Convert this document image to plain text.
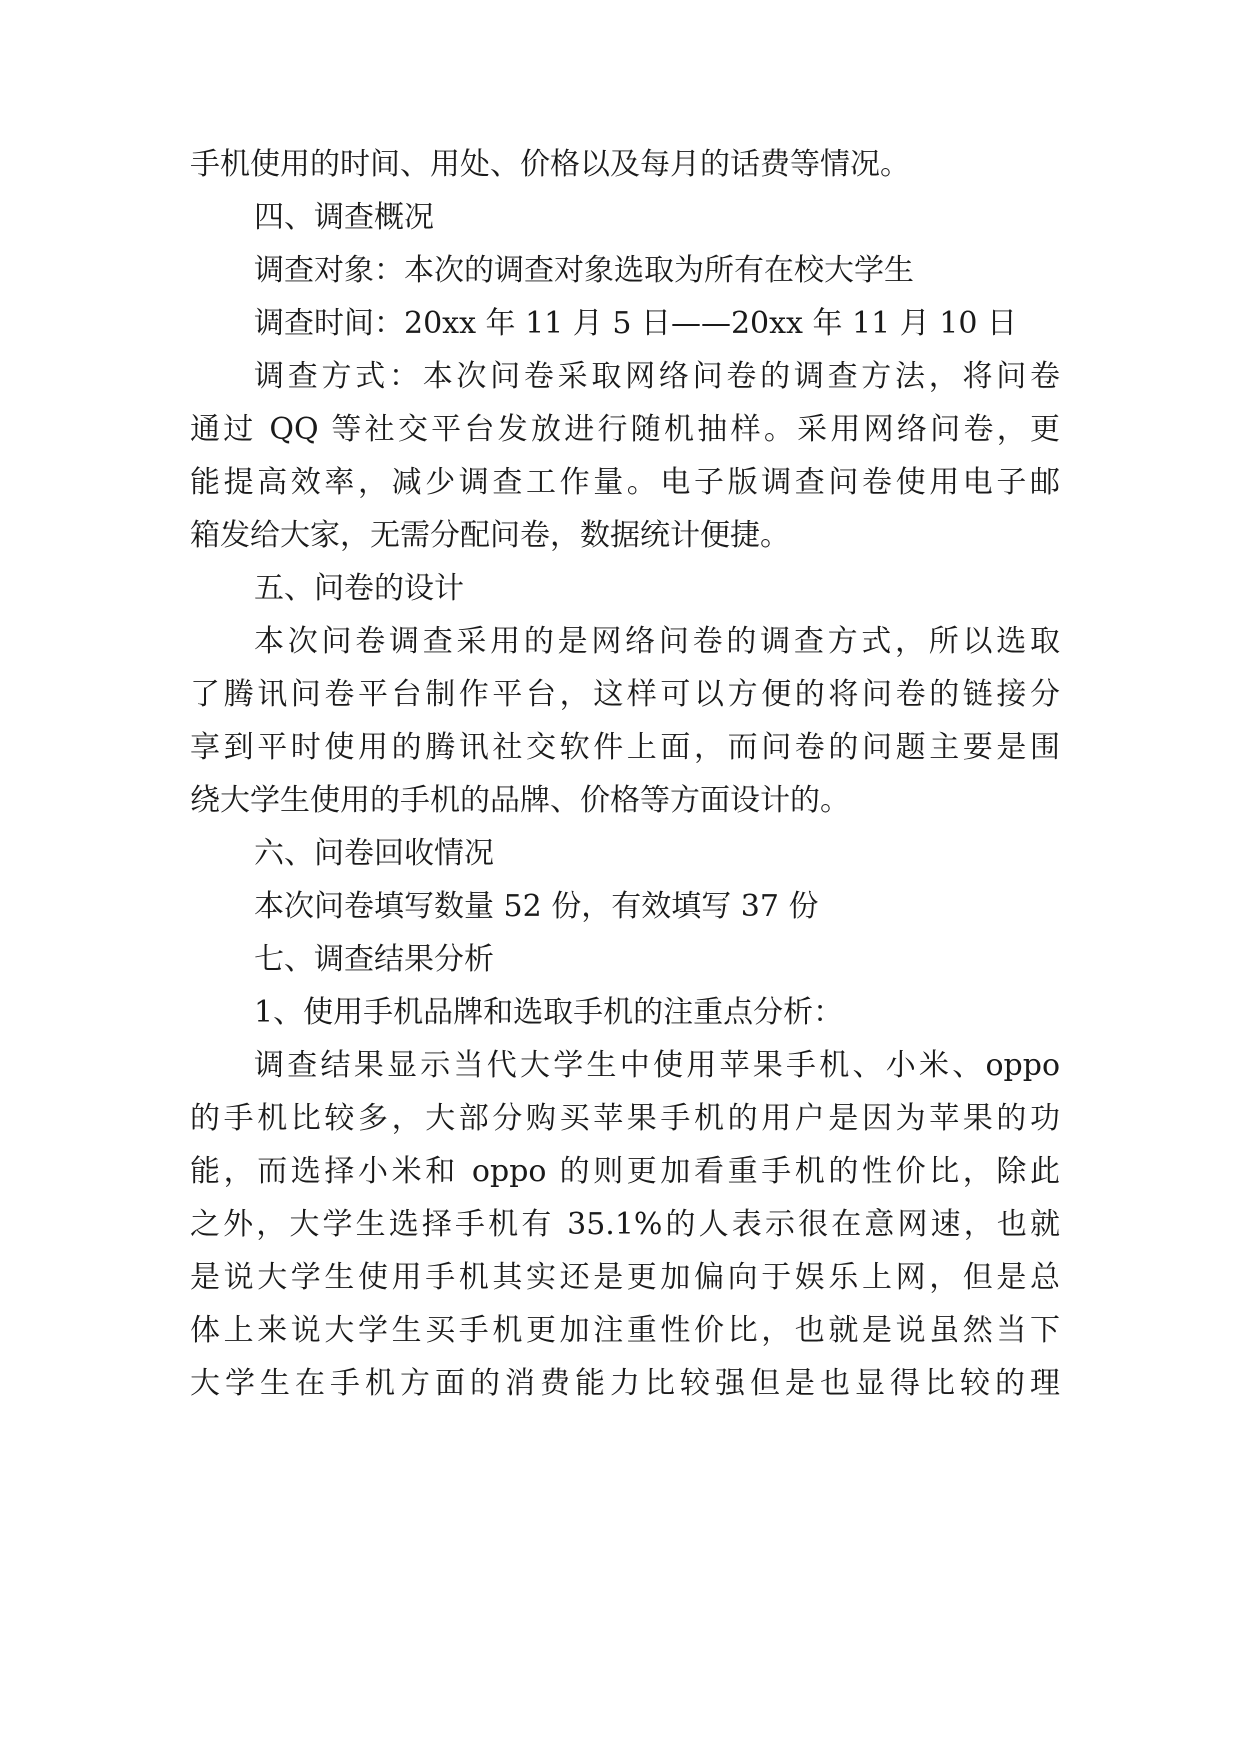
手机使用的时间、用处、价格以及每月的话费等情况。
四、调查概况
调查对象：本次的调查对象选取为所有在校大学生
调查时间：20xx 年 11 月 5 日——20xx 年 11 月 10 日
调查方式：本次问卷采取网络问卷的调查方法，将问卷
通过 QQ 等社交平台发放进行随机抽样。采用网络问卷，更
能提高效率，减少调查工作量。电子版调查问卷使用电子邮
箱发给大家，无需分配问卷，数据统计便捷。
五、问卷的设计
本次问卷调查采用的是网络问卷的调查方式，所以选取
了腾讯问卷平台制作平台，这样可以方便的将问卷的链接分
享到平时使用的腾讯社交软件上面，而问卷的问题主要是围
绕大学生使用的手机的品牌、价格等方面设计的。
六、问卷回收情况
本次问卷填写数量 52 份，有效填写 37 份
七、调查结果分析
1、使用手机品牌和选取手机的注重点分析：
调查结果显示当代大学生中使用苹果手机、小米、oppo
的手机比较多，大部分购买苹果手机的用户是因为苹果的功
能，而选择小米和 oppo 的则更加看重手机的性价比，除此
之外，大学生选择手机有 35.1%的人表示很在意网速，也就
是说大学生使用手机其实还是更加偏向于娱乐上网，但是总
体上来说大学生买手机更加注重性价比，也就是说虽然当下
大学生在手机方面的消费能力比较强但是也显得比较的理
